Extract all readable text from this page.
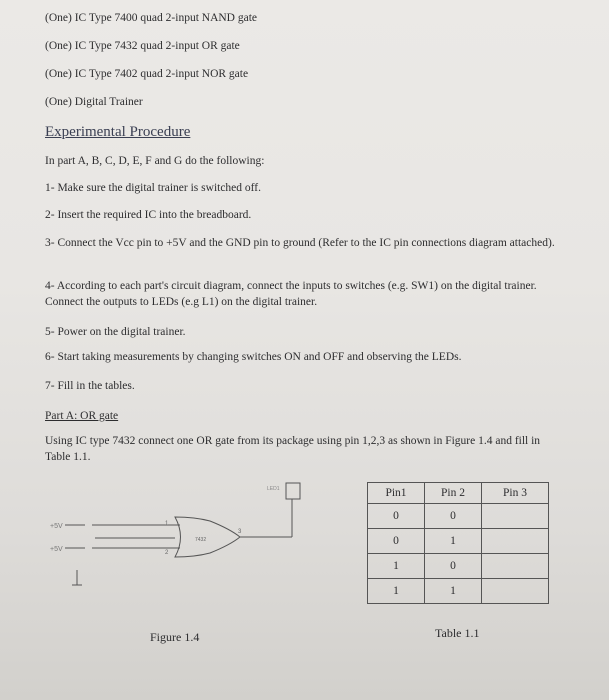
(One) IC Type 7400 quad 2-input NAND gate
(One) IC Type 7432 quad 2-input OR gate
(One) IC Type 7402 quad 2-input NOR gate
(One) Digital Trainer
Experimental Procedure
In part A, B, C, D, E, F and G do the following:
1- Make sure the digital trainer is switched off.
2- Insert the required IC into the breadboard.
3- Connect the Vcc pin to +5V and the GND pin to ground (Refer to the IC pin connections diagram attached).
4- According to each part's circuit diagram, connect the inputs to switches (e.g. SW1) on the digital trainer. Connect the outputs to LEDs (e.g L1) on the digital trainer.
5- Power on the digital trainer.
6- Start taking measurements by changing switches ON and OFF and observing the LEDs.
7- Fill in the tables.
Part A: OR gate
Using IC type 7432 connect one OR gate from its package using pin 1,2,3 as shown in Figure 1.4 and fill in Table 1.1.
+5V
+5V
1
2
3
7432
LED1
Figure 1.4
Pin1	Pin 2	Pin 3
0	0	
0	1	
1	0	
1	1	
Table 1.1
